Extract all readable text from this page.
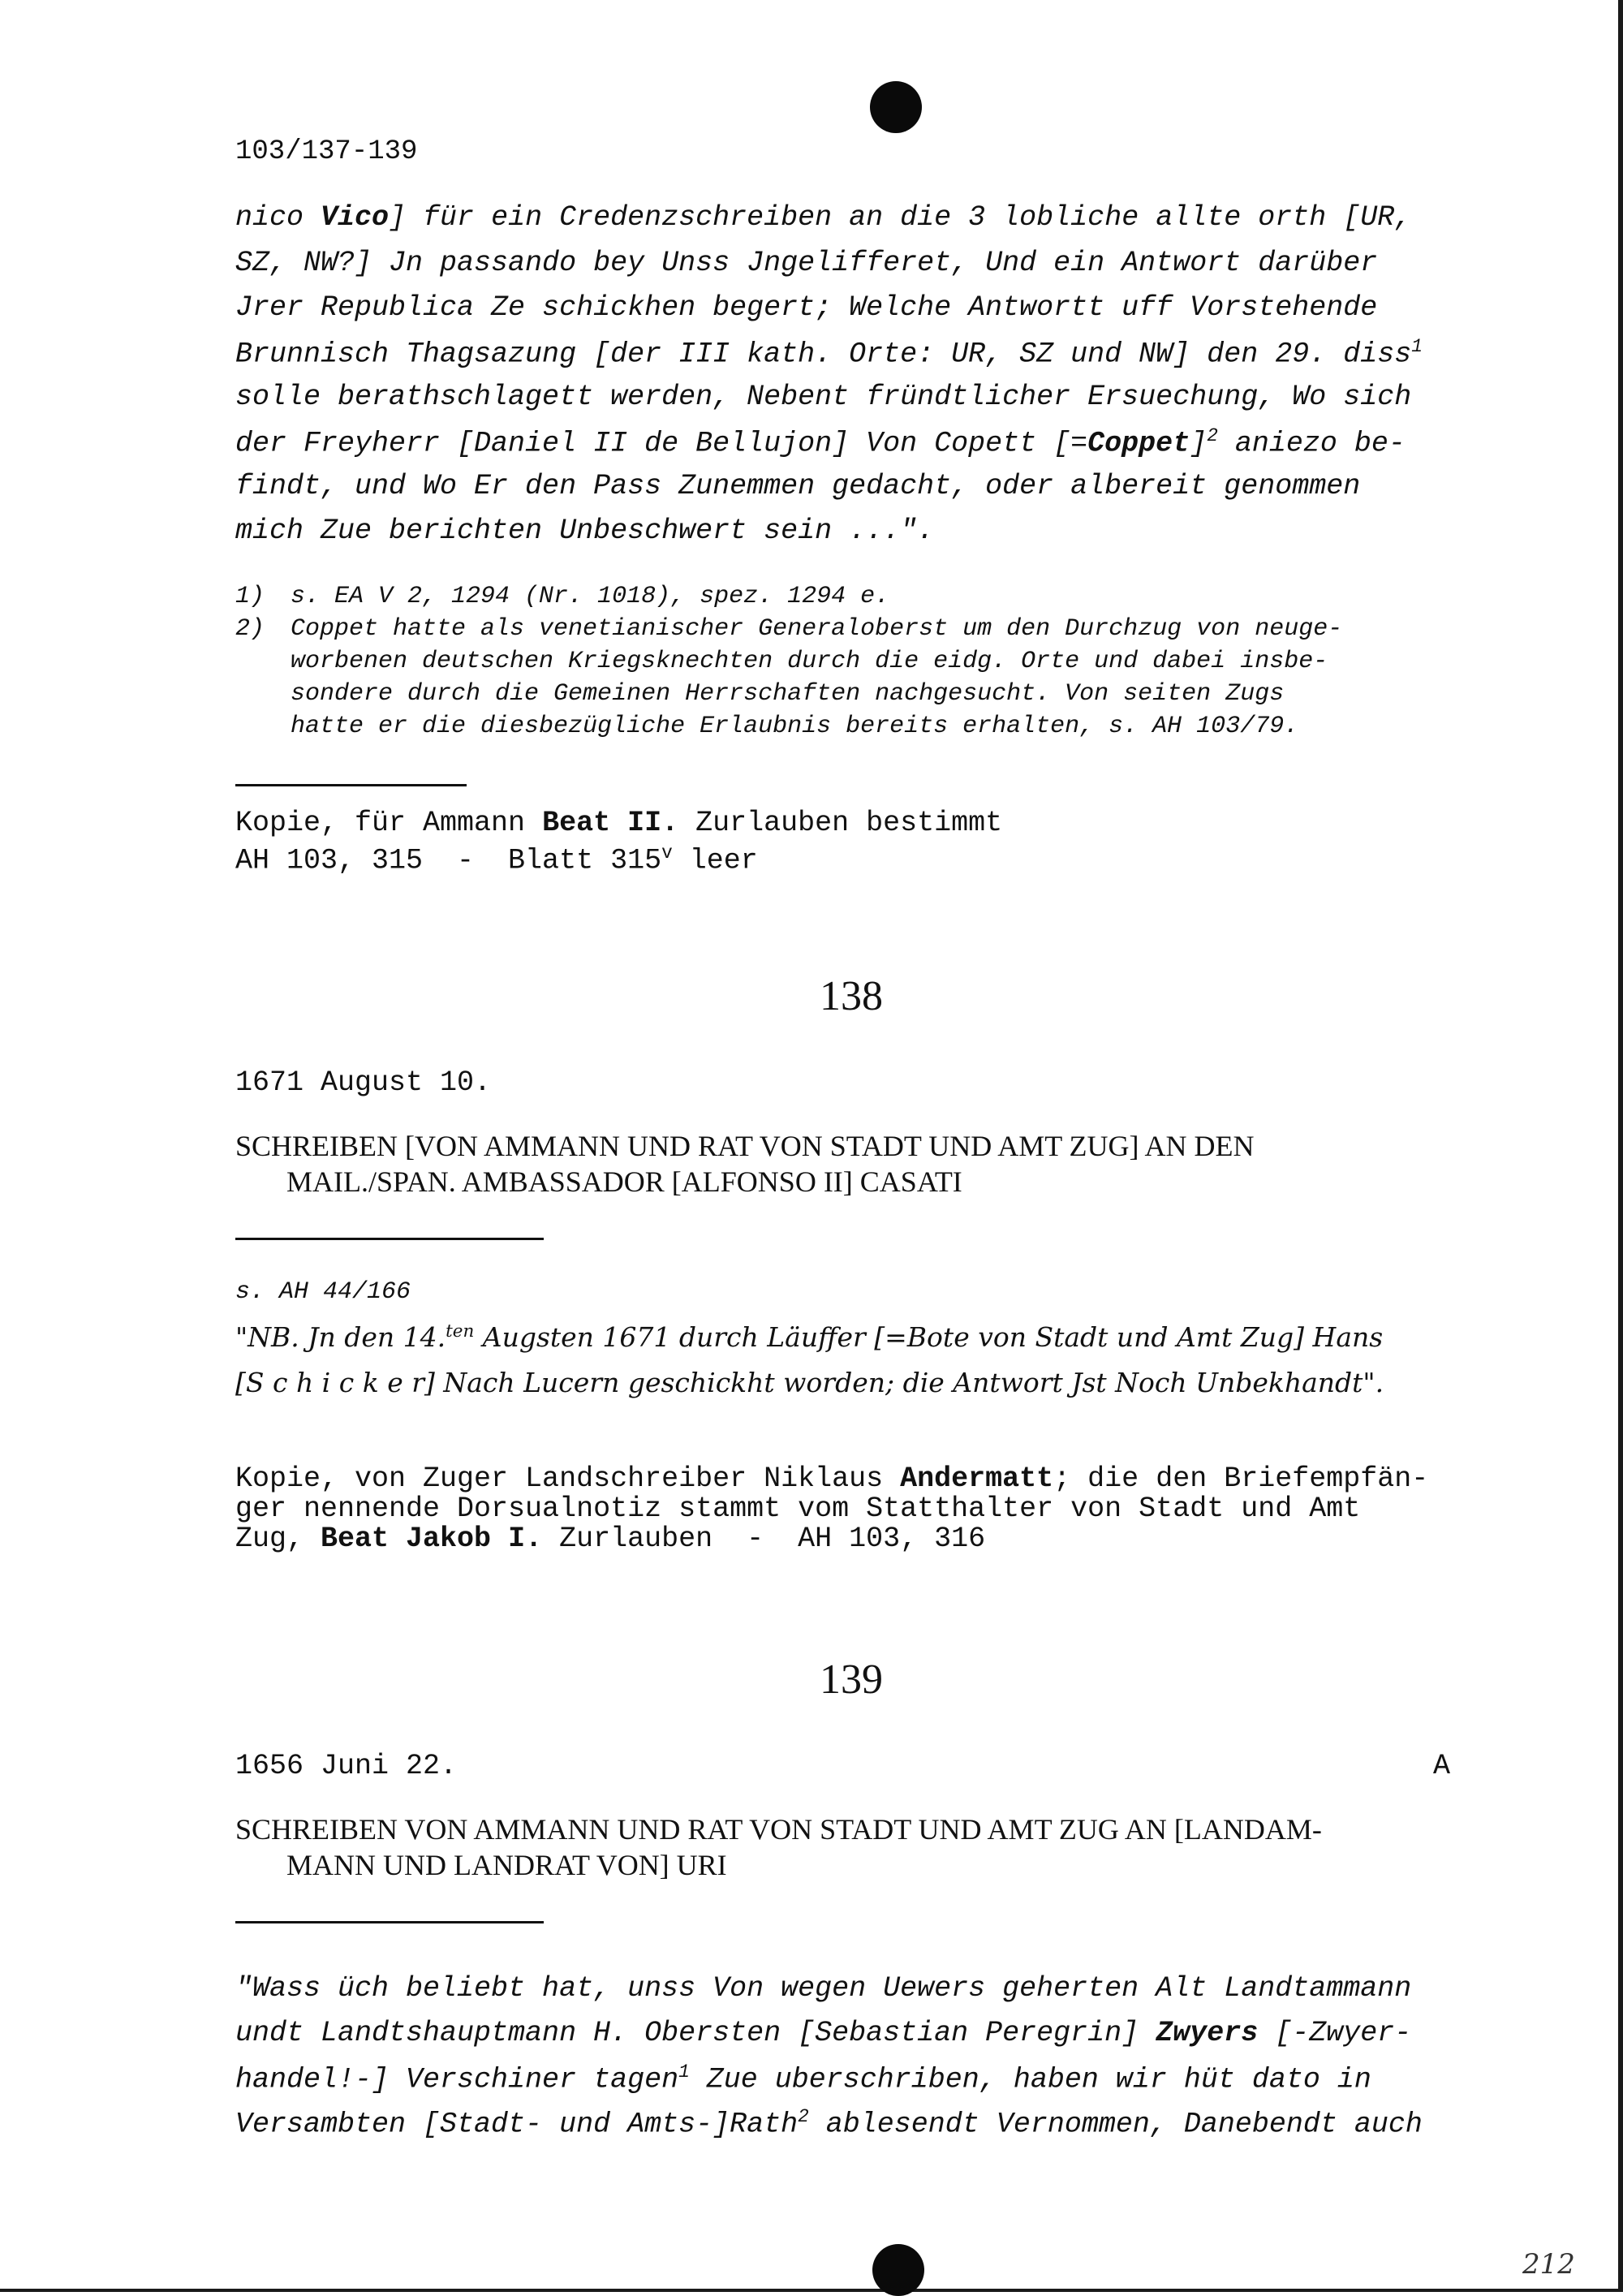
103/137-139
nico Vico] für ein Credenzschreiben an die 3 lobliche allte orth [UR,
SZ, NW?] Jn passando bey Unss Jngelifferet, Und ein Antwort darüber
Jrer Republica Ze schickhen begert; Welche Antwortt uff Vorstehende
Brunnisch Thagsazung [der III kath. Orte: UR, SZ und NW] den 29. diss$^1$
solle berathschlagett werden, Nebent fründtlicher Ersuechung, Wo sich
der Freyherr [Daniel II de Bellujon] Von Copett [=Coppet]$^2$ aniezo be-
findt, und Wo Er den Pass Zunemmen gedacht, oder albereit genommen
mich Zue berichten Unbeschwert sein ...".
1) s. EA V 2, 1294 (Nr. 1018), spez. 1294 e.
2) Coppet hatte als venetianischer Generaloberst um den Durchzug von neuge-
worbenen deutschen Kriegsknechten durch die eidg. Orte und dabei insbe-
sondere durch die Gemeinen Herrschaften nachgesucht. Von seiten Zugs
hatte er die diesbezügliche Erlaubnis bereits erhalten, s. AH 103/79.
Kopie, für Ammann Beat II. Zurlauben bestimmt
AH 103, 315  -  Blatt 315$^v$ leer
138
1671 August 10.
SCHREIBEN [VON AMMANN UND RAT VON STADT UND AMT ZUG] AN DEN
MAIL./SPAN. AMBASSADOR [ALFONSO II] CASATI
s. AH 44/166
"NB. Jn den 14.$^{ten}$ Augsten 1671 durch Läuffer [=Bote von Stadt und Amt Zug] Hans
[S c h i c k e r] Nach Lucern geschickht worden; die Antwort Jst Noch Unbekhandt".
Kopie, von Zuger Landschreiber Niklaus Andermatt; die den Briefempfän-
ger nennende Dorsualnotiz stammt vom Statthalter von Stadt und Amt
Zug, Beat Jakob I. Zurlauben  -  AH 103, 316
139
1656 Juni 22.	A
SCHREIBEN VON AMMANN UND RAT VON STADT UND AMT ZUG AN [LANDAM-
MANN UND LANDRAT VON] URI
"Wass üch beliebt hat, unss Von wegen Uewers geherten Alt Landtammann
undt Landtshauptmann H. Obersten [Sebastian Peregrin] Zwyers [-Zwyer-
handel!-] Verschiner tagen$^1$ Zue uberschriben, haben wir hüt dato in
Versambten [Stadt- und Amts-]Rath$^2$ ablesendt Vernommen, Danebendt auch
212
